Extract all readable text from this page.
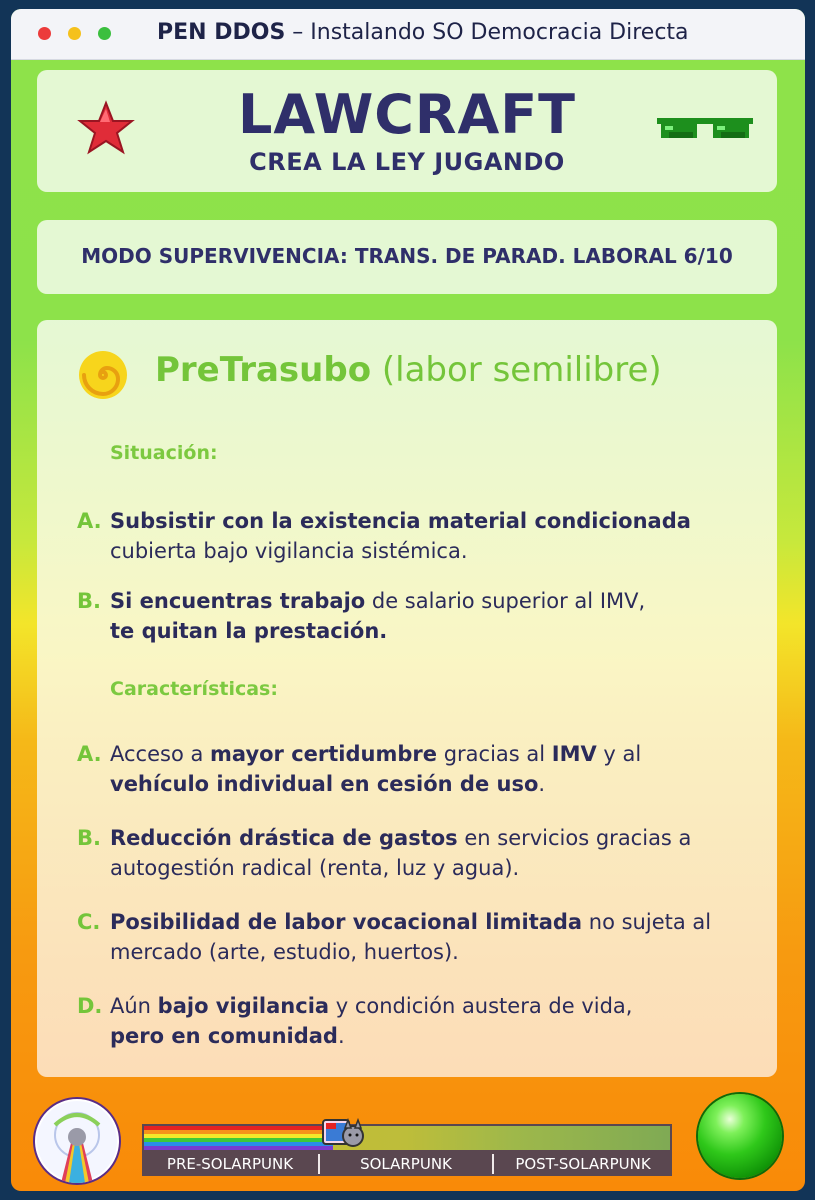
PEN DDOS – Instalando SO Democracia Directa
LAWCRAFT
CREA LA LEY JUGANDO
MODO SUPERVIVENCIA: TRANS. DE PARAD. LABORAL 6/10
PreTrasubo (labor semilibre)
Situación:
A. Subsistir con la existencia material condicionada
cubierta bajo vigilancia sistémica.
B. Si encuentras trabajo de salario superior al IMV,
te quitan la prestación.
Características:
A. Acceso a mayor certidumbre gracias al IMV y al
vehículo individual en cesión de uso.
B. Reducción drástica de gastos en servicios gracias a autogestión radical (renta, luz y agua).
C. Posibilidad de labor vocacional limitada no sujeta al mercado (arte, estudio, huertos).
D. Aún bajo vigilancia y condición austera de vida,
pero en comunidad.
PRE-SOLARPUNK	SOLARPUNK	POST-SOLARPUNK
